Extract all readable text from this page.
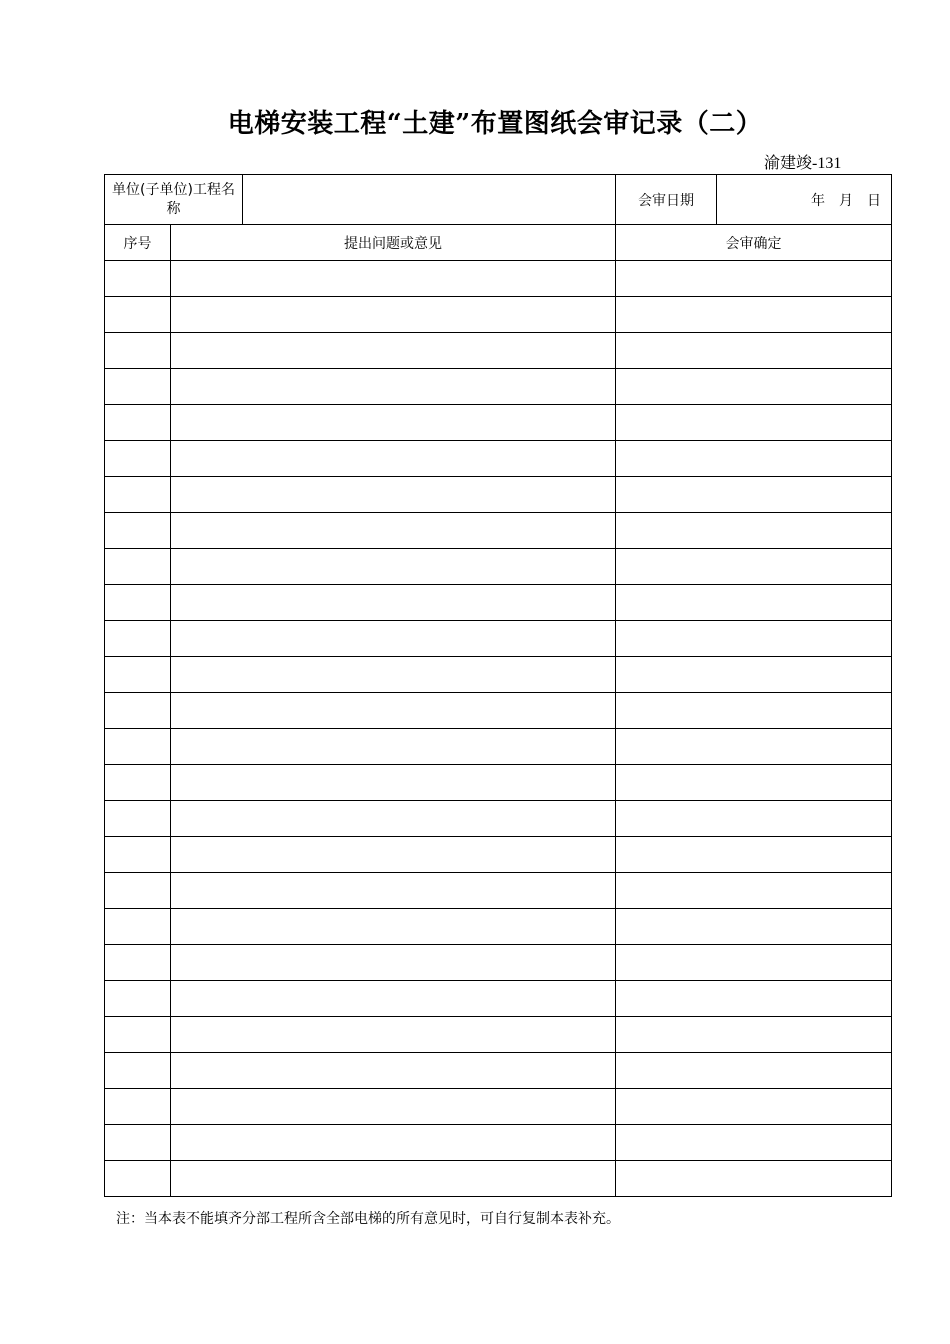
电梯安装工程“土建”布置图纸会审记录（二）
渝建竣-131
单位(子单位)工程名称			会审日期	年　月　日
序号	提出问题或意见		会审确定	

注：当本表不能填齐分部工程所含全部电梯的所有意见时，可自行复制本表补充。
